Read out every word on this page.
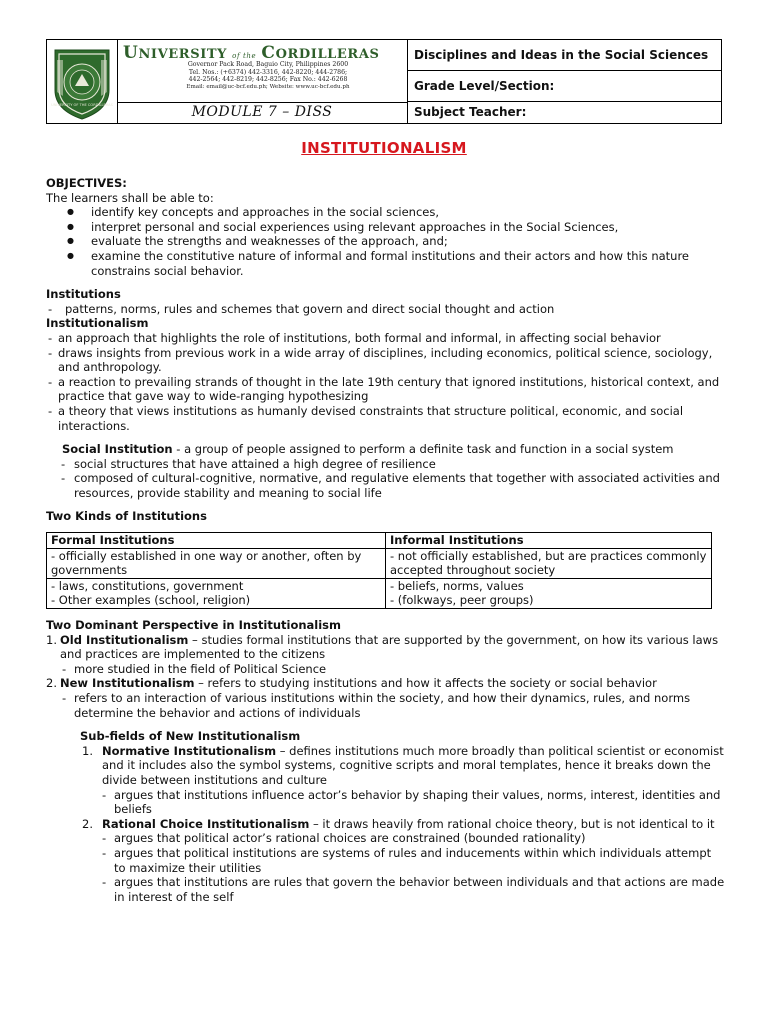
UNIVERSITY OF THE CORDILLERAS
UNIVERSITY of the CORDILLERAS
Governor Pack Road, Baguio City, Philippines 2600
Tel. Nos.: (+6374) 442-3316, 442-8220; 444-2786;
442-2564; 442-8219; 442-8256; Fax No.: 442-6268
Email: email@uc-bcf.edu.ph; Website: www.uc-bcf.edu.ph
MODULE 7 – DISS
Disciplines and Ideas in the Social Sciences
Grade Level/Section:
Subject Teacher:
INSTITUTIONALISM
OBJECTIVES:
The learners shall be able to:
● identify key concepts and approaches in the social sciences,
● interpret personal and social experiences using relevant approaches in the Social Sciences,
● evaluate the strengths and weaknesses of the approach, and;
● examine the constitutive nature of informal and formal institutions and their actors and how this nature constrains social behavior.
Institutions
- patterns, norms, rules and schemes that govern and direct social thought and action
Institutionalism
- an approach that highlights the role of institutions, both formal and informal, in affecting social behavior
- draws insights from previous work in a wide array of disciplines, including economics, political science, sociology, and anthropology.
- a reaction to prevailing strands of thought in the late 19th century that ignored institutions, historical context, and practice that gave way to wide-ranging hypothesizing
- a theory that views institutions as humanly devised constraints that structure political, economic, and social interactions.
Social Institution - a group of people assigned to perform a definite task and function in a social system
- social structures that have attained a high degree of resilience
- composed of cultural-cognitive, normative, and regulative elements that together with associated activities and resources, provide stability and meaning to social life
Two Kinds of Institutions
Formal Institutions	Informal Institutions
- officially established in one way or another, often by governments	- not officially established, but are practices commonly accepted throughout society
- laws, constitutions, government	- beliefs, norms, values
- Other examples (school, religion)	- (folkways, peer groups)
Two Dominant Perspective in Institutionalism
1. Old Institutionalism – studies formal institutions that are supported by the government, on how its various laws and practices are implemented to the citizens
- more studied in the field of Political Science
2. New Institutionalism – refers to studying institutions and how it affects the society or social behavior
- refers to an interaction of various institutions within the society, and how their dynamics, rules, and norms determine the behavior and actions of individuals
Sub-fields of New Institutionalism
1. Normative Institutionalism – defines institutions much more broadly than political scientist or economist and it includes also the symbol systems, cognitive scripts and moral templates, hence it breaks down the divide between institutions and culture
- argues that institutions influence actor’s behavior by shaping their values, norms, interest, identities and beliefs
2. Rational Choice Institutionalism – it draws heavily from rational choice theory, but is not identical to it
- argues that political actor’s rational choices are constrained (bounded rationality)
- argues that political institutions are systems of rules and inducements within which individuals attempt to maximize their utilities
- argues that institutions are rules that govern the behavior between individuals and that actions are made in interest of the self
